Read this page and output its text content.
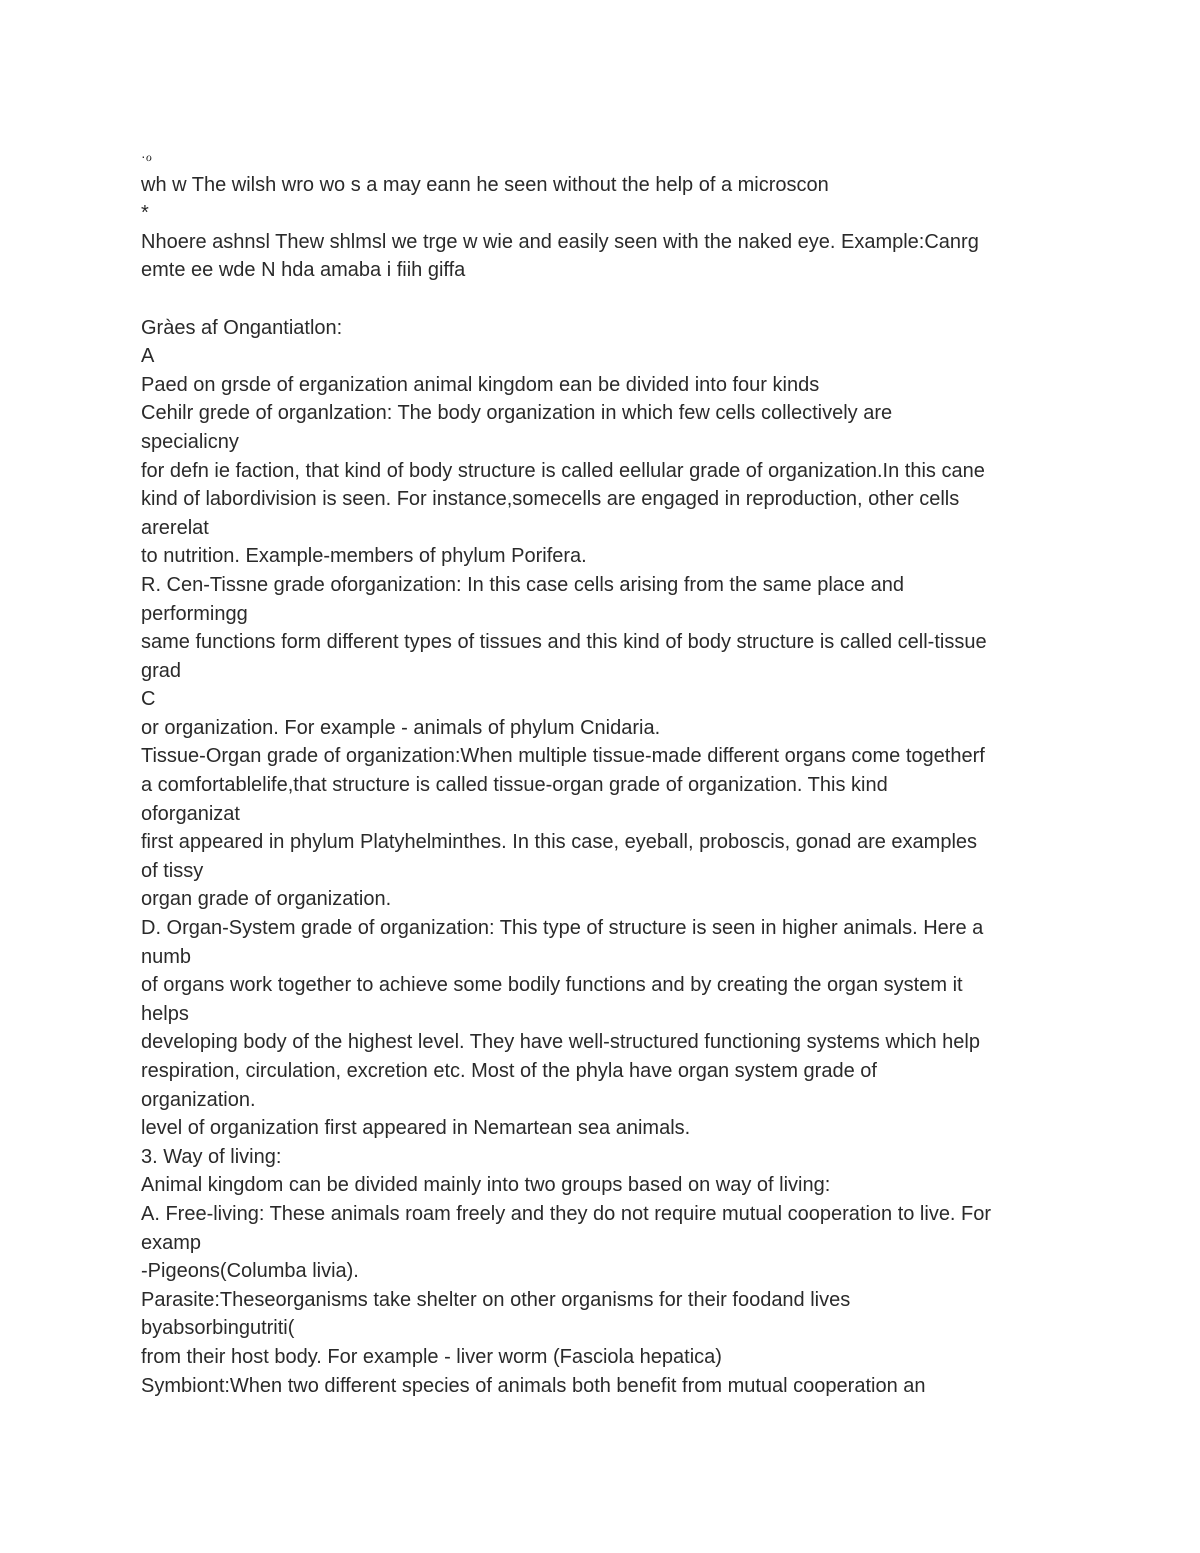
·ℴ
wh w The wilsh wro wo s a may eann he seen without the help of a microscon
*
Nhoere ashnsl Thew shlmsl we trge w wie and easily seen with the naked eye. Example:Canrg
emte ee wde N hda amaba i fiih giffa
Gràes af Ongantiatlon:
A
Paed on grsde of erganization animal kingdom ean be divided into four kinds
Cehilr grede of organlzation: The body organization in which few cells collectively are
specialicny
for defn ie faction, that kind of body structure is called eellular grade of organization.In this cane
kind of labordivision is seen. For instance,somecells are engaged in reproduction, other cells
arerelat
to nutrition. Example-members of phylum Porifera.
R. Cen-Tissne grade oforganization: In this case cells arising from the same place and
performingg
same functions form different types of tissues and this kind of body structure is called cell-tissue
grad
C
or organization. For example - animals of phylum Cnidaria.
Tissue-Organ grade of organization:When multiple tissue-made different organs come togetherf
a comfortablelife,that structure is called tissue-organ grade of organization. This kind
oforganizat
first appeared in phylum Platyhelminthes. In this case, eyeball, proboscis, gonad are examples
of tissy
organ grade of organization.
D. Organ-System grade of organization: This type of structure is seen in higher animals. Here a
numb
of organs work together to achieve some bodily functions and by creating the organ system it
helps
developing body of the highest level. They have well-structured functioning systems which help
respiration, circulation, excretion etc. Most of the phyla have organ system grade of
organization.
level of organization first appeared in Nemartean sea animals.
3. Way of living:
Animal kingdom can be divided mainly into two groups based on way of living:
A. Free-living: These animals roam freely and they do not require mutual cooperation to live. For
examp
-Pigeons(Columba livia).
Parasite:Theseorganisms take shelter on other organisms for their foodand lives
byabsorbingutriti(
from their host body. For example - liver worm (Fasciola hepatica)
Symbiont:When two different species of animals both benefit from mutual cooperation an
